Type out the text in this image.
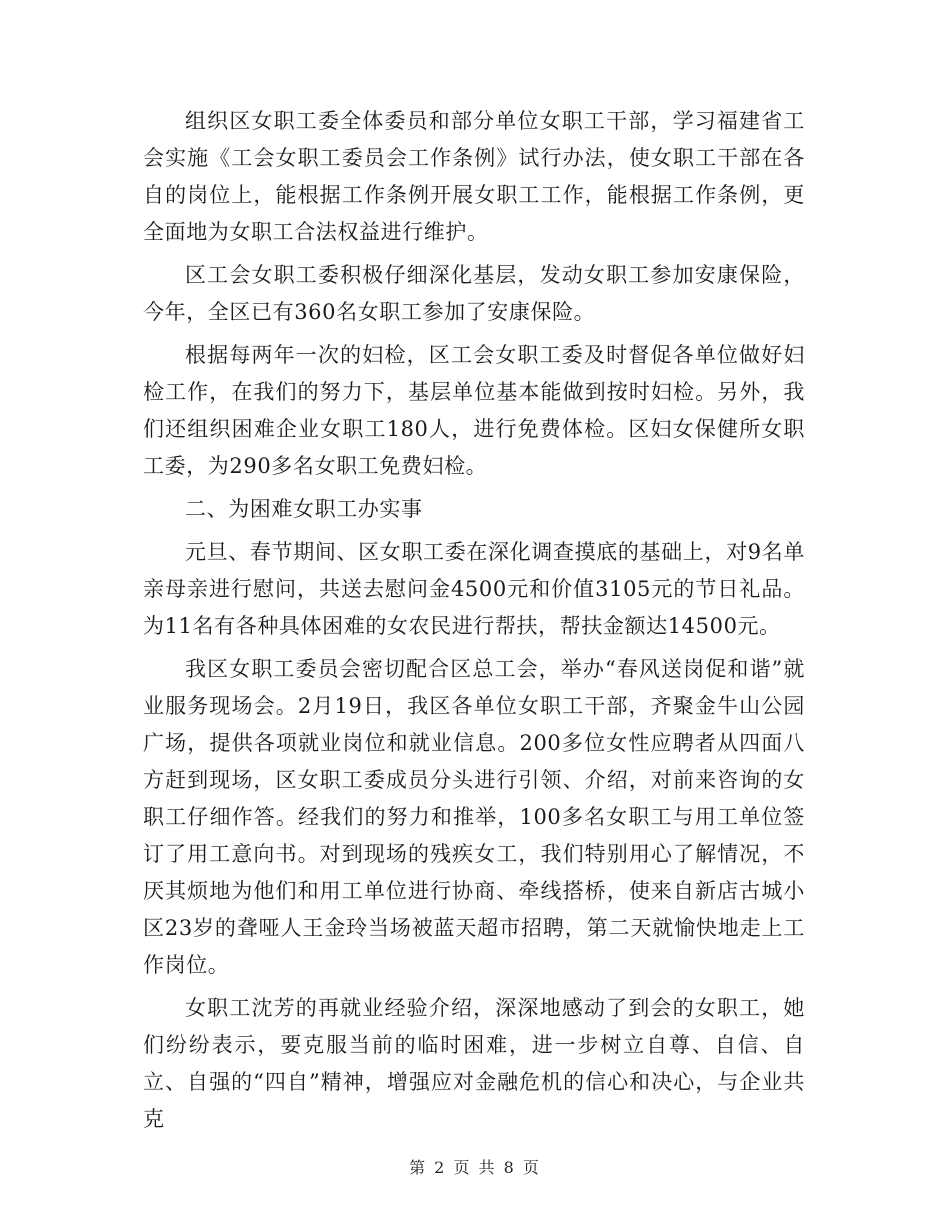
组织区女职工委全体委员和部分单位女职工干部，学习福建省工会实施《工会女职工委员会工作条例》试行办法，使女职工干部在各自的岗位上，能根据工作条例开展女职工工作，能根据工作条例，更全面地为女职工合法权益进行维护。

区工会女职工委积极仔细深化基层，发动女职工参加安康保险，今年，全区已有360名女职工参加了安康保险。

根据每两年一次的妇检，区工会女职工委及时督促各单位做好妇检工作，在我们的努力下，基层单位基本能做到按时妇检。另外，我们还组织困难企业女职工180人，进行免费体检。区妇女保健所女职工委，为290多名女职工免费妇检。

二、为困难女职工办实事

元旦、春节期间、区女职工委在深化调查摸底的基础上，对9名单亲母亲进行慰问，共送去慰问金4500元和价值3105元的节日礼品。为11名有各种具体困难的女农民进行帮扶，帮扶金额达14500元。

我区女职工委员会密切配合区总工会，举办“春风送岗促和谐”就业服务现场会。2月19日，我区各单位女职工干部，齐聚金牛山公园广场，提供各项就业岗位和就业信息。200多位女性应聘者从四面八方赶到现场，区女职工委成员分头进行引领、介绍，对前来咨询的女职工仔细作答。经我们的努力和推举，100多名女职工与用工单位签订了用工意向书。对到现场的残疾女工，我们特别用心了解情况，不厌其烦地为他们和用工单位进行协商、牵线搭桥，使来自新店古城小区23岁的聋哑人王金玲当场被蓝天超市招聘，第二天就愉快地走上工作岗位。

女职工沈芳的再就业经验介绍，深深地感动了到会的女职工，她们纷纷表示，要克服当前的临时困难，进一步树立自尊、自信、自立、自强的“四自”精神，增强应对金融危机的信心和决心，与企业共克

第 2 页 共 8 页
